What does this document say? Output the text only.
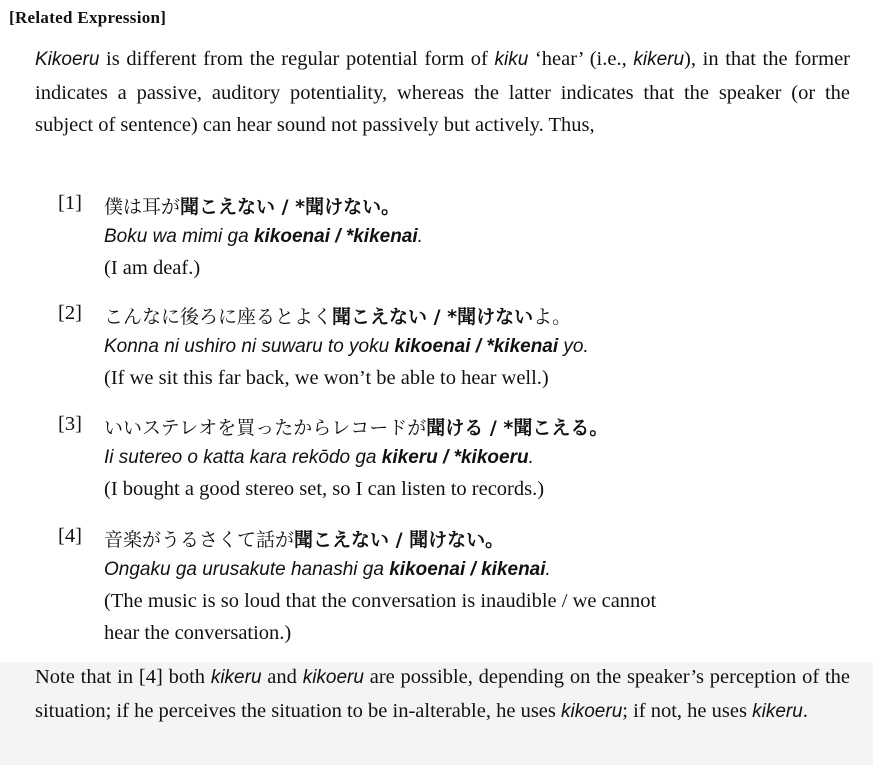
[Related Expression]
Kikoeru is different from the regular potential form of kiku ‘hear’ (i.e., kikeru), in that the former indicates a passive, auditory potentiality, whereas the latter indicates that the speaker (or the subject of sentence) can hear sound not passively but actively. Thus,
[1] 僕は耳が聞こえない / *聞けない。
Boku wa mimi ga kikoenai / *kikenai.
(I am deaf.)
[2] こんなに後ろに座るとよく聞こえない / *聞けないよ。
Konna ni ushiro ni suwaru to yoku kikoenai / *kikenai yo.
(If we sit this far back, we won’t be able to hear well.)
[3] いいステレオを買ったからレコードが聞ける / *聞こえる。
Ii sutereo o katta kara rekōdo ga kikeru / *kikoeru.
(I bought a good stereo set, so I can listen to records.)
[4] 音楽がうるさくて話が聞こえない / 聞けない。
Ongaku ga urusakute hanashi ga kikoenai / kikenai.
(The music is so loud that the conversation is inaudible / we cannot
hear the conversation.)
Note that in [4] both kikeru and kikoeru are possible, depending on the speaker’s perception of the situation; if he perceives the situation to be in-alterable, he uses kikoeru; if not, he uses kikeru.
